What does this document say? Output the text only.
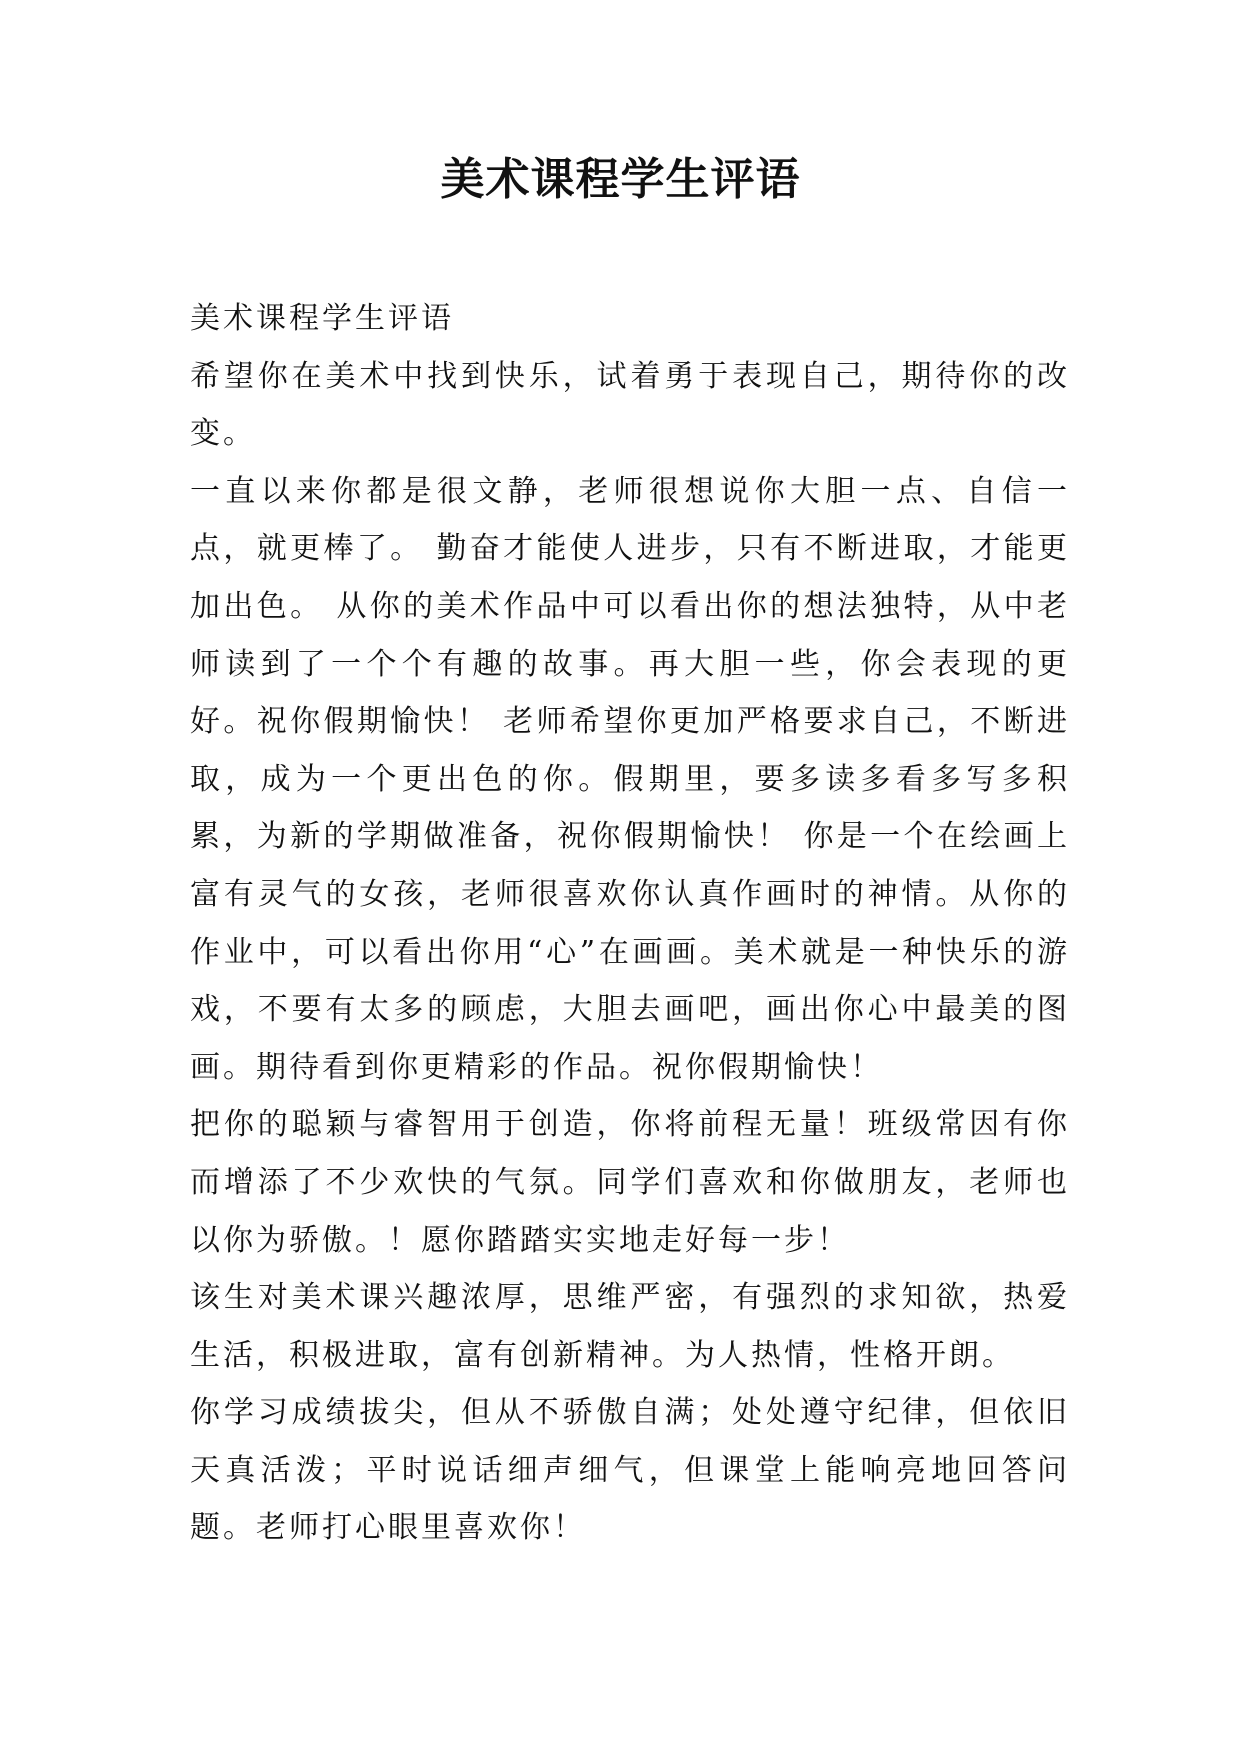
美术课程学生评语

美术课程学生评语

希望你在美术中找到快乐，试着勇于表现自己，期待你的改变。

一直以来你都是很文静，老师很想说你大胆一点、自信一点，就更棒了。 勤奋才能使人进步，只有不断进取，才能更加出色。 从你的美术作品中可以看出你的想法独特，从中老师读到了一个个有趣的故事。再大胆一些，你会表现的更好。祝你假期愉快！ 老师希望你更加严格要求自己，不断进取，成为一个更出色的你。假期里，要多读多看多写多积累，为新的学期做准备，祝你假期愉快！ 你是一个在绘画上富有灵气的女孩，老师很喜欢你认真作画时的神情。从你的作业中，可以看出你用“心”在画画。美术就是一种快乐的游戏，不要有太多的顾虑，大胆去画吧，画出你心中最美的图画。期待看到你更精彩的作品。祝你假期愉快！

把你的聪颖与睿智用于创造，你将前程无量！班级常因有你而增添了不少欢快的气氛。同学们喜欢和你做朋友，老师也以你为骄傲。！愿你踏踏实实地走好每一步！

该生对美术课兴趣浓厚，思维严密，有强烈的求知欲，热爱生活，积极进取，富有创新精神。为人热情，性格开朗。

你学习成绩拔尖，但从不骄傲自满；处处遵守纪律，但依旧天真活泼；平时说话细声细气，但课堂上能响亮地回答问题。老师打心眼里喜欢你！
